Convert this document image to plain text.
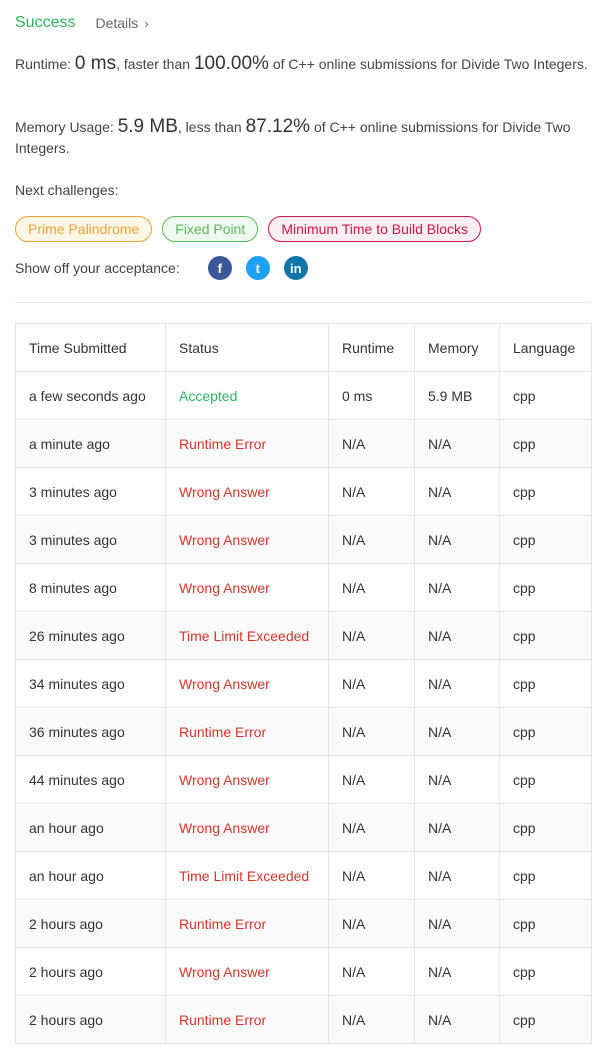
Success Details ›
Runtime: 0 ms, faster than 100.00% of C++ online submissions for Divide Two Integers.
Memory Usage: 5.9 MB, less than 87.12% of C++ online submissions for Divide Two Integers.
Next challenges:
Prime Palindrome	Fixed Point	Minimum Time to Build Blocks
Show off your acceptance:	f	t	in
Time Submitted	Status	Runtime	Memory	Language
a few seconds ago	Accepted	0 ms	5.9 MB	cpp
a minute ago	Runtime Error	N/A	N/A	cpp
3 minutes ago	Wrong Answer	N/A	N/A	cpp
3 minutes ago	Wrong Answer	N/A	N/A	cpp
8 minutes ago	Wrong Answer	N/A	N/A	cpp
26 minutes ago	Time Limit Exceeded	N/A	N/A	cpp
34 minutes ago	Wrong Answer	N/A	N/A	cpp
36 minutes ago	Runtime Error	N/A	N/A	cpp
44 minutes ago	Wrong Answer	N/A	N/A	cpp
an hour ago	Wrong Answer	N/A	N/A	cpp
an hour ago	Time Limit Exceeded	N/A	N/A	cpp
2 hours ago	Runtime Error	N/A	N/A	cpp
2 hours ago	Wrong Answer	N/A	N/A	cpp
2 hours ago	Runtime Error	N/A	N/A	cpp
